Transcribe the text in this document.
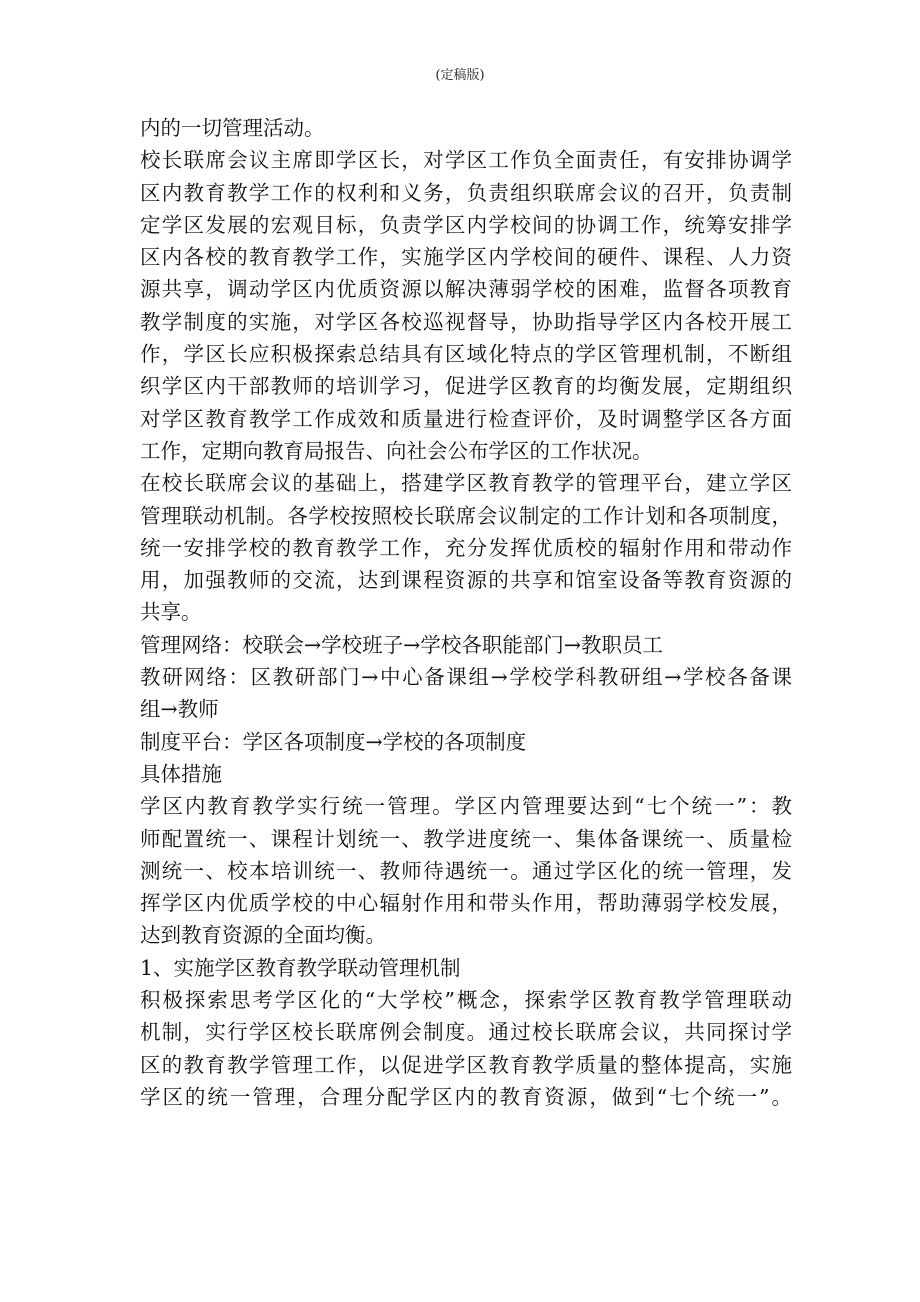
(定稿版)
内的一切管理活动。
校长联席会议主席即学区长，对学区工作负全面责任，有安排协调学
区内教育教学工作的权利和义务，负责组织联席会议的召开，负责制
定学区发展的宏观目标，负责学区内学校间的协调工作，统筹安排学
区内各校的教育教学工作，实施学区内学校间的硬件、课程、人力资
源共享，调动学区内优质资源以解决薄弱学校的困难，监督各项教育
教学制度的实施，对学区各校巡视督导，协助指导学区内各校开展工
作，学区长应积极探索总结具有区域化特点的学区管理机制，不断组
织学区内干部教师的培训学习，促进学区教育的均衡发展，定期组织
对学区教育教学工作成效和质量进行检查评价，及时调整学区各方面
工作，定期向教育局报告、向社会公布学区的工作状况。
在校长联席会议的基础上，搭建学区教育教学的管理平台，建立学区
管理联动机制。各学校按照校长联席会议制定的工作计划和各项制度，
统一安排学校的教育教学工作，充分发挥优质校的辐射作用和带动作
用，加强教师的交流，达到课程资源的共享和馆室设备等教育资源的
共享。
管理网络：校联会→学校班子→学校各职能部门→教职员工
教研网络：区教研部门→中心备课组→学校学科教研组→学校各备课
组→教师
制度平台：学区各项制度→学校的各项制度
具体措施
学区内教育教学实行统一管理。学区内管理要达到“七个统一”：教
师配置统一、课程计划统一、教学进度统一、集体备课统一、质量检
测统一、校本培训统一、教师待遇统一。通过学区化的统一管理，发
挥学区内优质学校的中心辐射作用和带头作用，帮助薄弱学校发展，
达到教育资源的全面均衡。
1、实施学区教育教学联动管理机制
积极探索思考学区化的“大学校”概念，探索学区教育教学管理联动
机制，实行学区校长联席例会制度。通过校长联席会议，共同探讨学
区的教育教学管理工作，以促进学区教育教学质量的整体提高，实施
学区的统一管理，合理分配学区内的教育资源，做到“七个统一”。
